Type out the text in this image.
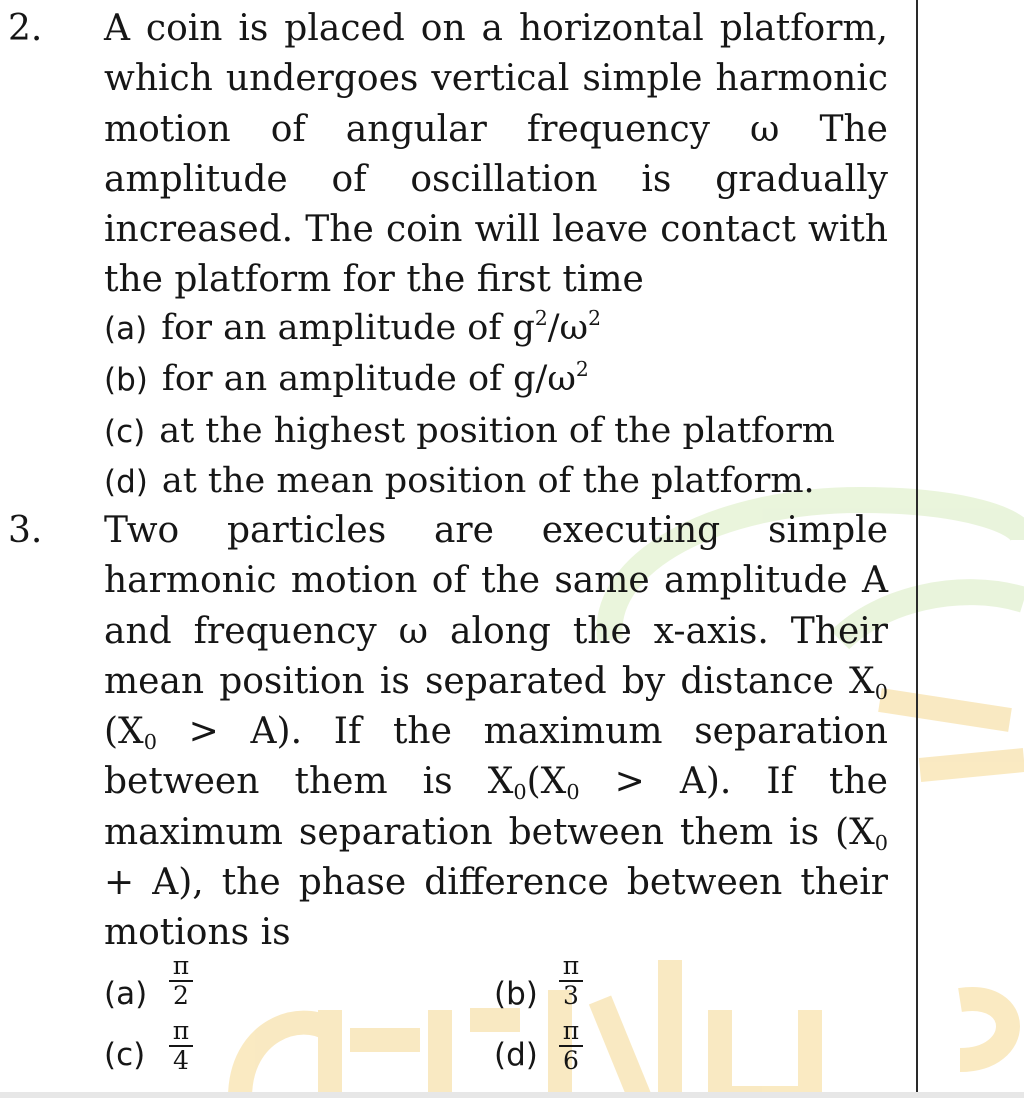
2. A coin is placed on a horizontal platform, which undergoes vertical simple harmonic motion of angular frequency ω The amplitude of oscillation is gradually increased. The coin will leave contact with the platform for the first time
(a) for an amplitude of $g^2/\omega^2$
(b) for an amplitude of $g/\omega^2$
(c) at the highest position of the platform
(d) at the mean position of the platform.
3. Two particles are executing simple harmonic motion of the same amplitude A and frequency ω along the x-axis. Their mean position is separated by distance $X_0$ $(X_0 > A)$. If the maximum separation between them is $X_0(X_0 > A)$. If the maximum separation between them is $(X_0 + A)$, the phase difference between their motions is
(a)
π
2	(b)
π
3
(c)
π
4	(d)
π
6
